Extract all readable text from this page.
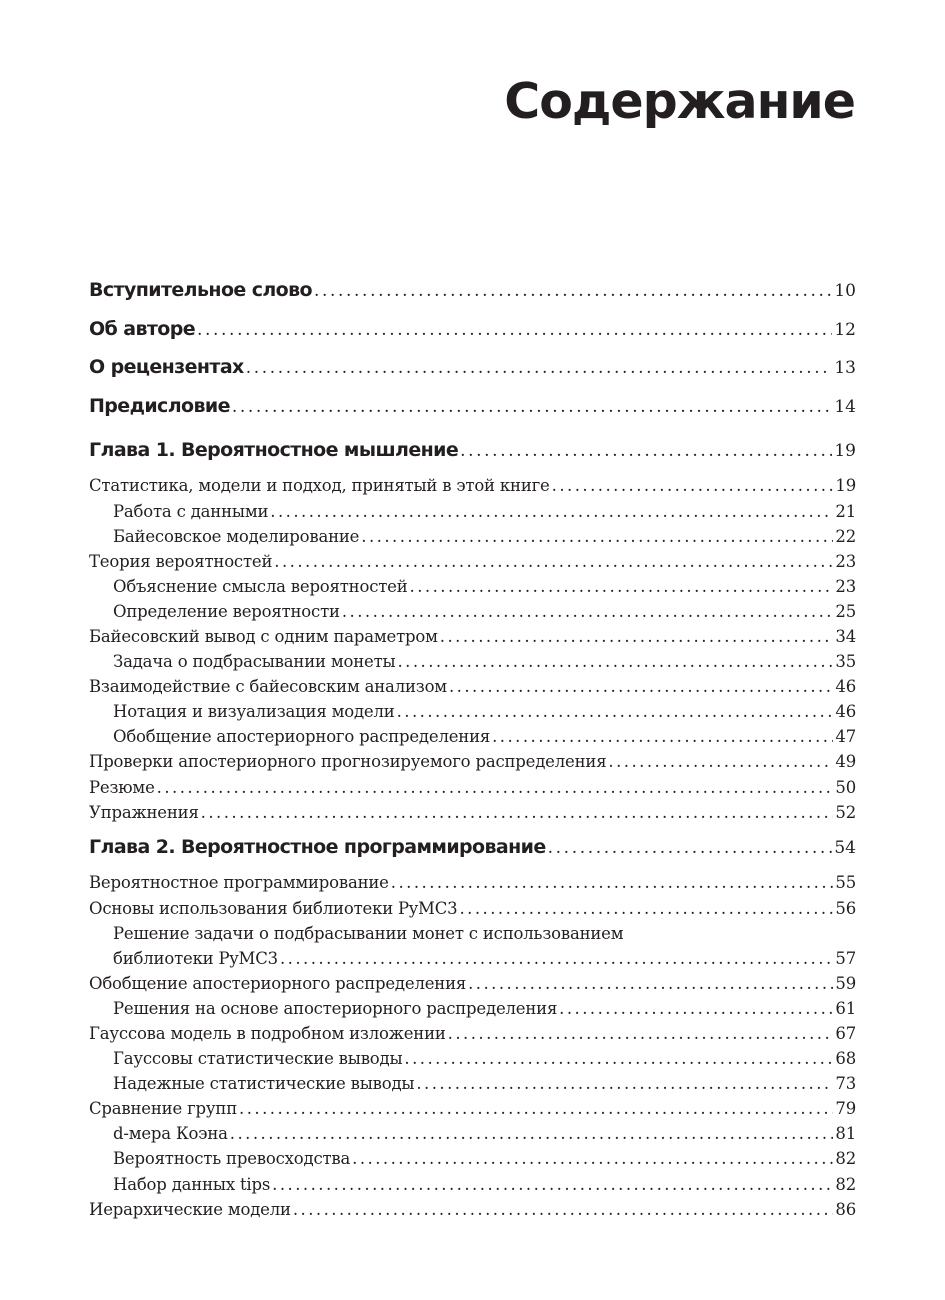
Содержание
Вступительное слово . . .	10
Об авторе . . .	12
О рецензентах . . .	13
Предисловие . . .	14
Глава 1. Вероятностное мышление . . .	19
Статистика, модели и подход, принятый в этой книге . . .	19
Работа с данными . . .	21
Байесовское моделирование . . .	22
Теория вероятностей . . .	23
Объяснение смысла вероятностей . . .	23
Определение вероятности . . .	25
Байесовский вывод с одним параметром . . .	34
Задача о подбрасывании монеты . . .	35
Взаимодействие с байесовским анализом . . .	46
Нотация и визуализация модели . . .	46
Обобщение апостериорного распределения . . .	47
Проверки апостериорного прогнозируемого распределения . . .	49
Резюме . . .	50
Упражнения . . .	52
Глава 2. Вероятностное программирование . . .	54
Вероятностное программирование . . .	55
Основы использования библиотеки PyMC3 . . .	56
Решение задачи о подбрасывании монет с использованием
библиотеки PyMC3 . . .	57
Обобщение апостериорного распределения . . .	59
Решения на основе апостериорного распределения . . .	61
Гауссова модель в подробном изложении . . .	67
Гауссовы статистические выводы . . .	68
Надежные статистические выводы . . .	73
Сравнение групп . . .	79
d-мера Коэна . . .	81
Вероятность превосходства . . .	82
Набор данных tips . . .	82
Иерархические модели . . .	86
